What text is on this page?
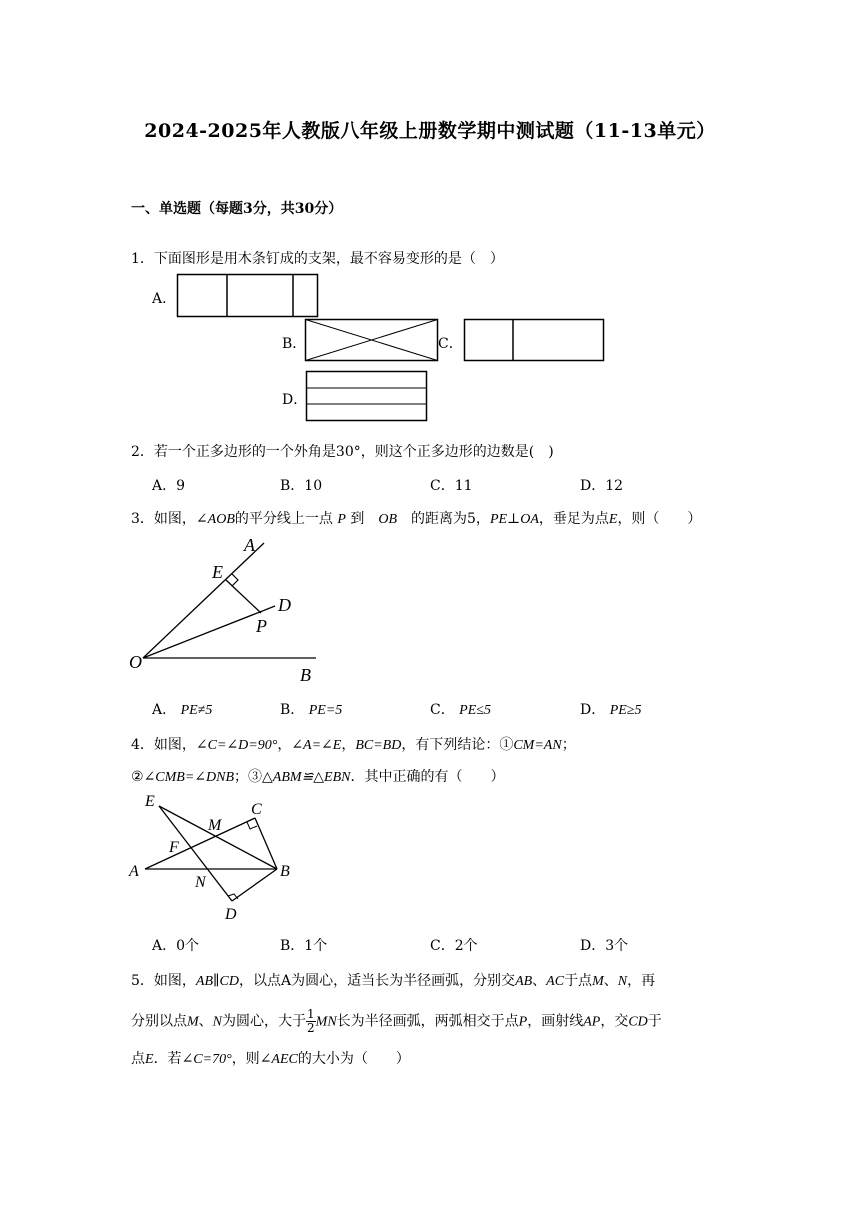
2024-2025年人教版八年级上册数学期中测试题（11-13单元）
一、单选题（每题3分，共30分）
1．下面图形是用木条钉成的支架，最不容易变形的是（　）
A．
B．	C．
D．
2．若一个正多边形的一个外角是30°，则这个正多边形的边数是(　)
A．9	B．10	C．11	D．12
3．如图，∠AOB的平分线上一点 P 到　 OB　 的距离为5，PE⊥OA，垂足为点E，则（　　）
A
E
D
P
O
B
A． PE≠5	B． PE=5	C． PE≤5	D． PE≥5
4．如图，∠C=∠D=90°，∠A=∠E，BC=BD，有下列结论：①CM=AN；
②∠CMB=∠DNB；③△ABM≌△EBN．其中正确的有（　　）
E	C
M
F
A
N
B
D
A．0个	B．1个	C．2个	D．3个
5．如图，AB∥CD，以点A为圆心，适当长为半径画弧，分别交AB、AC于点M、N，再
分别以点M、N为圆心，大于 $\frac{1}{2}$ MN长为半径画弧，两弧相交于点P，画射线AP，交CD于
点E．若∠C=70°，则∠AEC的大小为（　　）
